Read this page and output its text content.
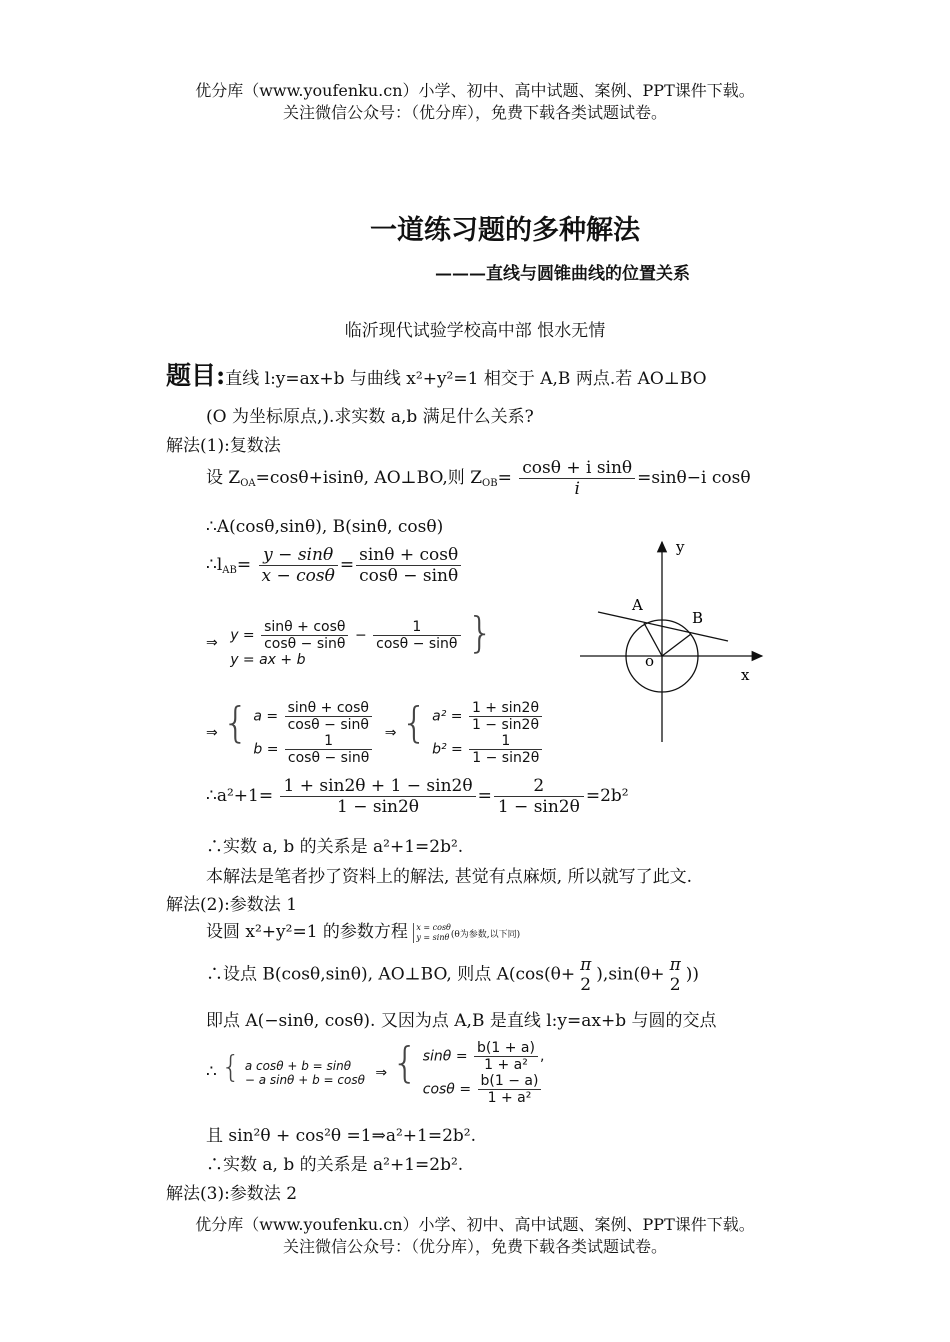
优分库（www.youfenku.cn）小学、初中、高中试题、案例、PPT课件下载。
关注微信公众号：（优分库），免费下载各类试题试卷。
一道练习题的多种解法
———直线与圆锥曲线的位置关系
临沂现代试验学校高中部 恨水无情
题目:直线 l:y=ax+b 与曲线 x²+y²=1 相交于 A,B 两点.若 AO⊥BO
(O 为坐标原点,).求实数 a,b 满足什么关系?
解法(1):复数法
设 $Z_{OA}=\cos\theta+isin\theta$, AO⊥BO,则 $Z_{OB}= \frac{\text{cosθ + i sinθ}}{i} =\sin\theta-i$ cosθ
∴A(cosθ,sinθ), B(sinθ, cosθ)
$\therefore l_{AB}= \frac{y - \sin\theta}{x - \cos\theta} = \frac{\sin\theta + \cos\theta}{\cos\theta - \sin\theta}$
⇒ $y = \frac{\sin\theta + \cos\theta}{\cos\theta - \sin\theta} - \frac{1}{\cos\theta - \sin\theta}$
y = ax + b
}
⇒ { $a = \frac{\sin\theta + \cos\theta}{\cos\theta - \sin\theta}$
$b = \frac{1}{\cos\theta - \sin\theta}$ ⇒ { $a^2 = \frac{1 + \sin 2\theta}{1 - \sin 2\theta}$
$b^2 = \frac{1}{1 - \sin 2\theta}$
∴a²+1= $\frac{1 + \sin 2\theta + 1 - \sin 2\theta}{1 - \sin 2\theta} = \frac{2}{1 - \sin 2\theta} =2b^2$
∴实数 a, b 的关系是 a²+1=2b².
本解法是笔者抄了资料上的解法, 甚觉有点麻烦, 所以就写了此文.
解法(2):参数法 1
设圆 x²+y²=1 的参数方程 x = cosθ
y = sinθ (θ为参数,以下同)
∴设点 B(cosθ,sinθ), AO⊥BO, 则点 A(cos(θ+ π
2
),sin(θ+ π
2
))
即点 A(−sinθ, cosθ). 又因为点 A,B 是直线 l:y=ax+b 与圆的交点
∴ { a cosθ + b = sinθ
− a sinθ + b = cosθ ⇒ { $\sin\theta = \frac{b(1 + a)}{\text{1 + a²}}$ ,
$\cos\theta = \frac{b(1 - a)}{\text{1 + a²}}$
且 sin²θ + cos²θ =1⇒a²+1=2b².
∴实数 a, b 的关系是 a²+1=2b².
解法(3):参数法 2
优分库（www.youfenku.cn）小学、初中、高中试题、案例、PPT课件下载。
关注微信公众号：（优分库），免费下载各类试题试卷。
y
x
o
A
B
